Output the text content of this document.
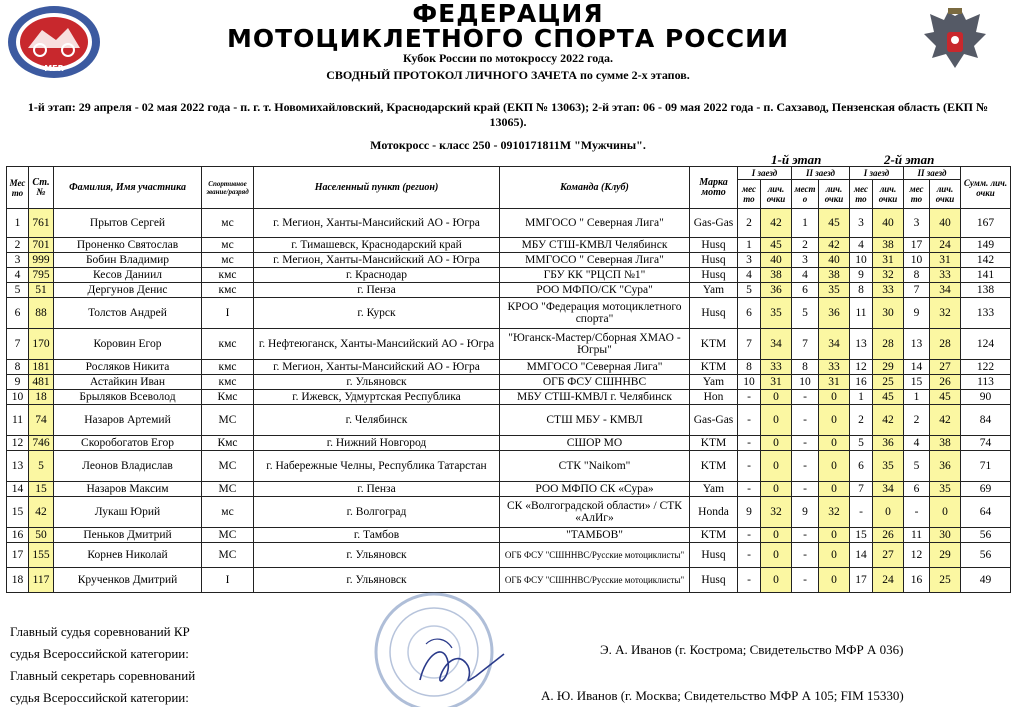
MFR
ФЕДЕРАЦИЯ
МОТОЦИКЛЕТНОГО СПОРТА РОССИИ
Кубок России по мотокроссу 2022 года.
СВОДНЫЙ ПРОТОКОЛ ЛИЧНОГО ЗАЧЕТА по сумме 2-х этапов.
1-й этап: 29 апреля - 02 мая 2022 года - п. г. т. Новомихайловский, Краснодарский край (ЕКП № 13063); 2-й этап: 06 - 09 мая 2022 года - п. Сахзавод, Пензенская область (ЕКП № 13065).
Мотокросс - класс 250 - 0910171811М "Мужчины".
1-й этап	2-й этап
Мес то	Ст. №	Фамилия, Имя участника	Спортивное звание/разряд	Населенный пункт (регион)	Команда (Клуб)	Марка мото	I заезд		II заезд		I заезд		II заезд		Сумм. лич. очки
							мес то	лич. очки	мест о	лич. очки	мес то	лич. очки	мес то	лич. очки	
1	761	Прытов Сергей	мс	г. Мегион, Ханты-Мансийский АО - Югра	ММГОСО " Северная Лига"	Gas-Gas	2	42	1	45	3	40	3	40	167
2	701	Проненко Святослав	мс	г. Тимашевск, Краснодарский край	МБУ СТШ-КМВЛ Челябинск	Husq	1	45	2	42	4	38	17	24	149
3	999	Бобин Владимир	мс	г. Мегион, Ханты-Мансийский АО - Югра	ММГОСО " Северная Лига"	Husq	3	40	3	40	10	31	10	31	142
4	795	Кесов Даниил	кмс	г. Краснодар	ГБУ КК "РЦСП №1"	Husq	4	38	4	38	9	32	8	33	141
5	51	Дергунов Денис	кмс	г. Пенза	РОО МФПО/СК "Сура"	Yam	5	36	6	35	8	33	7	34	138
6	88	Толстов Андрей	I	г. Курск	КРОО "Федерация мотоциклетного спорта"	Husq	6	35	5	36	11	30	9	32	133
7	170	Коровин Егор	кмс	г. Нефтеюганск, Ханты-Мансийский АО - Югра	"Юганск-Мастер/Сборная ХМАО - Югры"	KTM	7	34	7	34	13	28	13	28	124
8	181	Росляков Никита	кмс	г. Мегион, Ханты-Мансийский АО - Югра	ММГОСО "Северная Лига"	KTM	8	33	8	33	12	29	14	27	122
9	481	Астайкин Иван	кмс	г. Ульяновск	ОГБ ФСУ СШННВС	Yam	10	31	10	31	16	25	15	26	113
10	18	Брыляков Всеволод	Кмс	г. Ижевск, Удмуртская Республика	МБУ СТШ-КМВЛ г. Челябинск	Hon	-	0	-	0	1	45	1	45	90
11	74	Назаров Артемий	МС	г. Челябинск	СТШ МБУ - КМВЛ	Gas-Gas	-	0	-	0	2	42	2	42	84
12	746	Скоробогатов Егор	Кмс	г. Нижний Новгород	СШОР МО	KTM	-	0	-	0	5	36	4	38	74
13	5	Леонов Владислав	МС	г. Набережные Челны, Республика Татарстан	СТК "Naikom"	KTM	-	0	-	0	6	35	5	36	71
14	15	Назаров Максим	МС	г. Пенза	РОО МФПО СК «Сура»	Yam	-	0	-	0	7	34	6	35	69
15	42	Лукаш Юрий	мс	г. Волгоград	СК «Волгоградской области» / СТК «АлИг»	Honda	9	32	9	32	-	0	-	0	64
16	50	Пеньков Дмитрий	МС	г. Тамбов	"ТАМБОВ"	KTM	-	0	-	0	15	26	11	30	56
17	155	Корнев Николай	МС	г. Ульяновск	ОГБ ФСУ "СШННВС/Русские мотоциклисты"	Husq	-	0	-	0	14	27	12	29	56
18	117	Крученков Дмитрий	I	г. Ульяновск	ОГБ ФСУ "СШННВС/Русские мотоциклисты"	Husq	-	0	-	0	17	24	16	25	49
Главный судья соревнований КР
судья Всероссийской категории:	Э. А. Иванов (г. Кострома; Свидетельство МФР А 036)
Главный секретарь соревнований
судья Всероссийской категории:	А. Ю. Иванов (г. Москва; Свидетельство МФР А 105; FIM 15330)
